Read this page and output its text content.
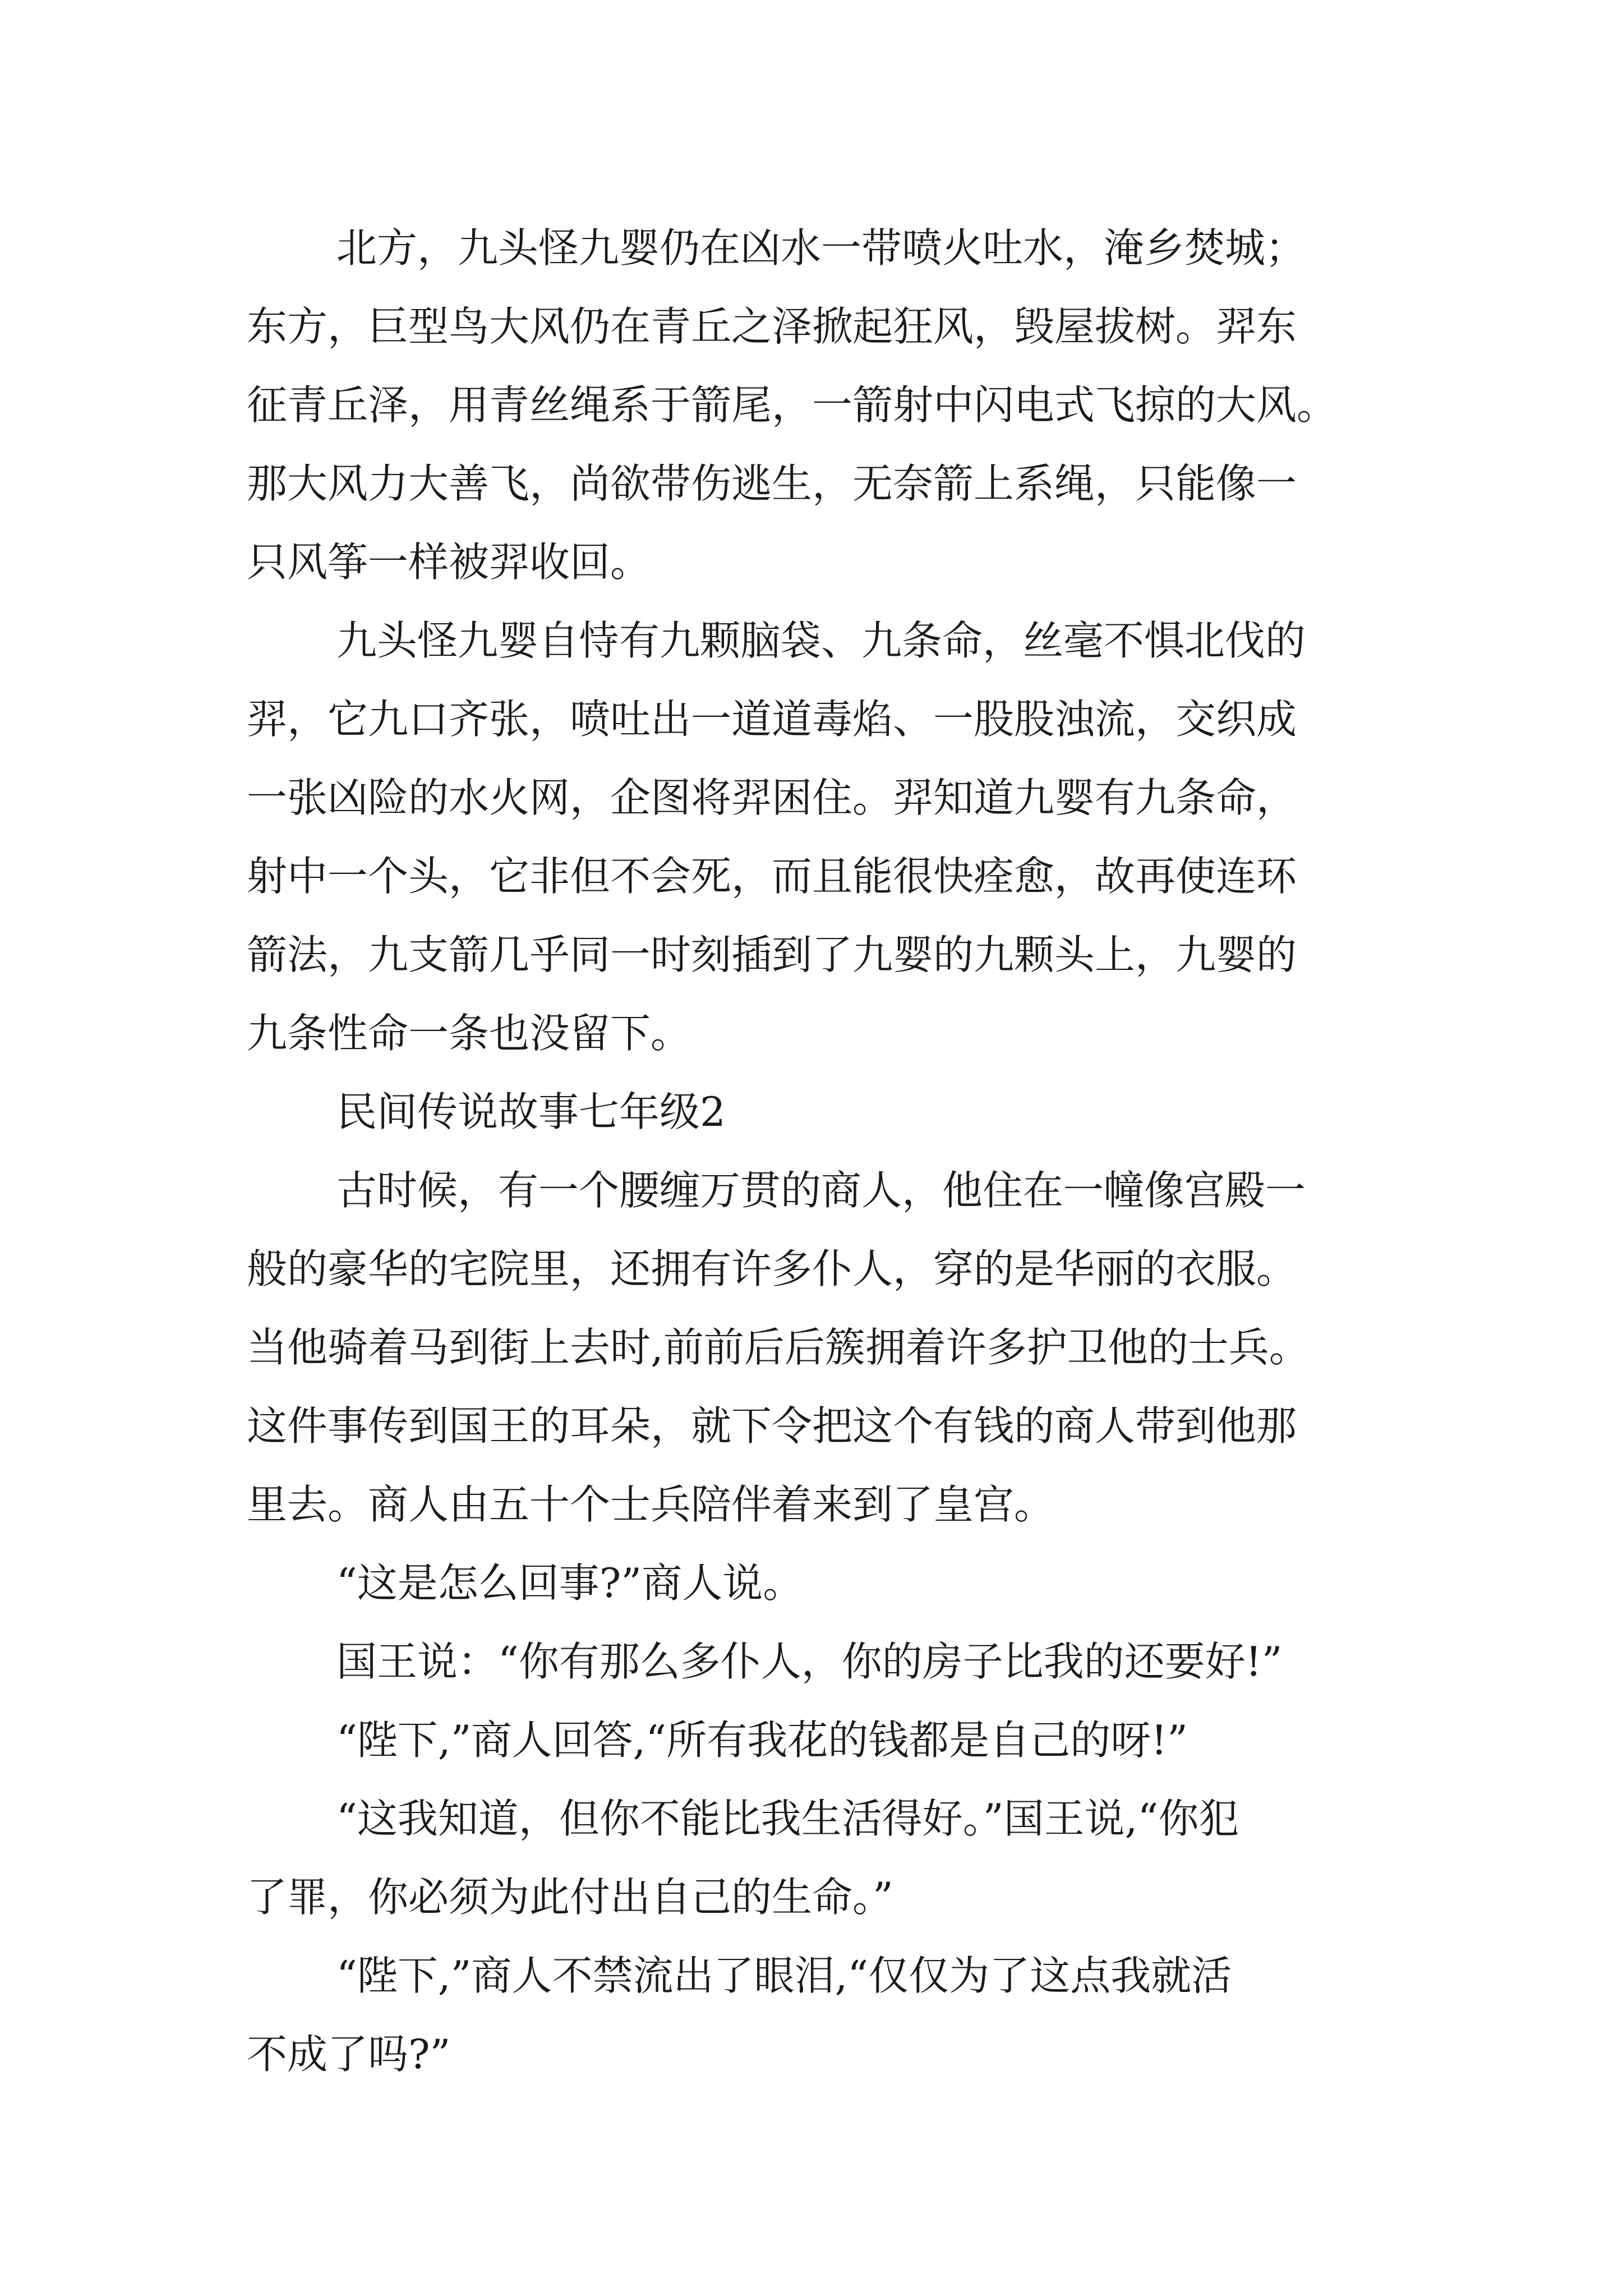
北方，九头怪九婴仍在凶水一带喷火吐水，淹乡焚城；

东方，巨型鸟大风仍在青丘之泽掀起狂风，毁屋拔树。羿东

征青丘泽，用青丝绳系于箭尾，一箭射中闪电式飞掠的大风。

那大风力大善飞，尚欲带伤逃生，无奈箭上系绳，只能像一

只风筝一样被羿收回。

九头怪九婴自恃有九颗脑袋、九条命，丝毫不惧北伐的

羿，它九口齐张，喷吐出一道道毒焰、一股股浊流，交织成

一张凶险的水火网，企图将羿困住。羿知道九婴有九条命，

射中一个头，它非但不会死，而且能很快痊愈，故再使连环

箭法，九支箭几乎同一时刻插到了九婴的九颗头上，九婴的

九条性命一条也没留下。

民间传说故事七年级2

古时候，有一个腰缠万贯的商人，他住在一幢像宫殿一

般的豪华的宅院里，还拥有许多仆人，穿的是华丽的衣服。

当他骑着马到街上去时,前前后后簇拥着许多护卫他的士兵。

这件事传到国王的耳朵，就下令把这个有钱的商人带到他那

里去。商人由五十个士兵陪伴着来到了皇宫。

“这是怎么回事?”商人说。

国王说：“你有那么多仆人，你的房子比我的还要好!”

“陛下,”商人回答,“所有我花的钱都是自己的呀!”

“这我知道，但你不能比我生活得好。”国王说,“你犯

了罪，你必须为此付出自己的生命。”

“陛下,”商人不禁流出了眼泪,“仅仅为了这点我就活

不成了吗?”
